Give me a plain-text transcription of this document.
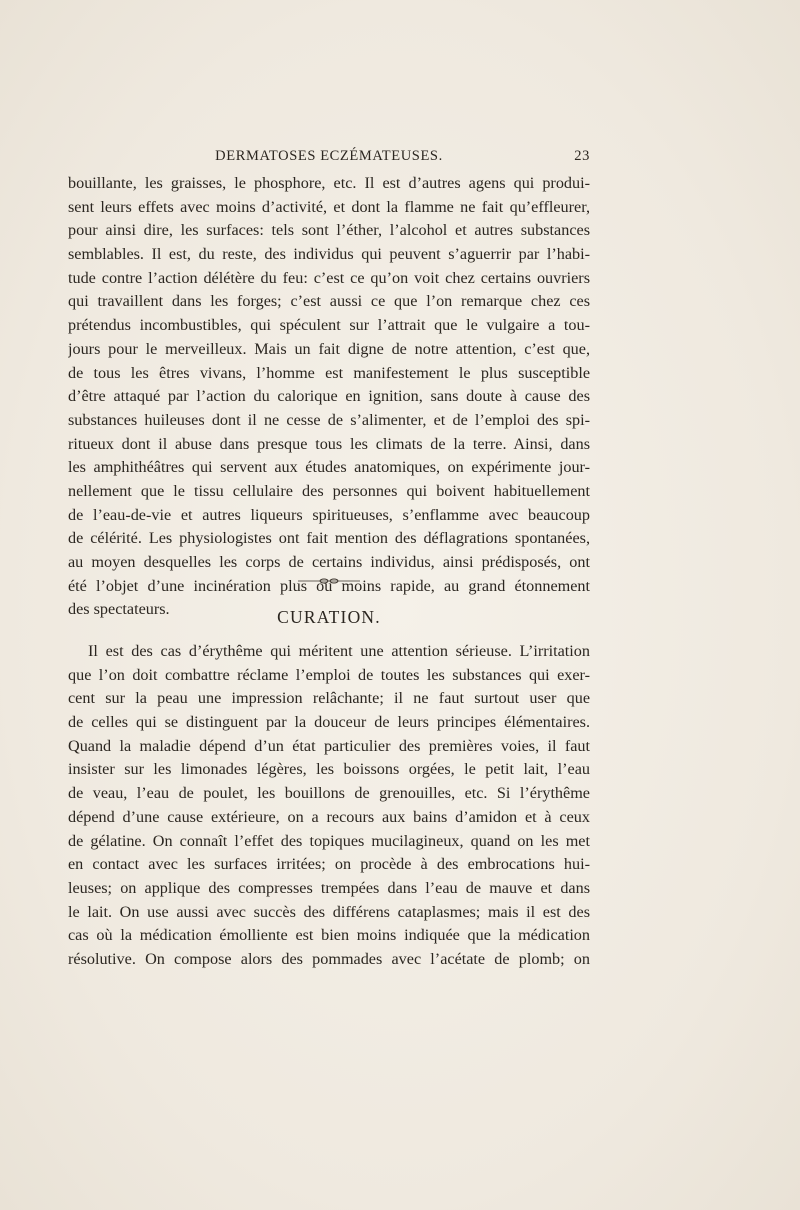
DERMATOSES ECZÉMATEUSES.	23
bouillante, les graisses, le phosphore, etc. Il est d’autres agens qui produi-
sent leurs effets avec moins d’activité, et dont la flamme ne fait qu’effleurer,
pour ainsi dire, les surfaces: tels sont l’éther, l’alcohol et autres substances
semblables. Il est, du reste, des individus qui peuvent s’aguerrir par l’habi-
tude contre l’action délétère du feu: c’est ce qu’on voit chez certains ouvriers
qui travaillent dans les forges; c’est aussi ce que l’on remarque chez ces
prétendus incombustibles, qui spéculent sur l’attrait que le vulgaire a tou-
jours pour le merveilleux. Mais un fait digne de notre attention, c’est que,
de tous les êtres vivans, l’homme est manifestement le plus susceptible
d’être attaqué par l’action du calorique en ignition, sans doute à cause des
substances huileuses dont il ne cesse de s’alimenter, et de l’emploi des spi-
ritueux dont il abuse dans presque tous les climats de la terre. Ainsi, dans
les amphithéâtres qui servent aux études anatomiques, on expérimente jour-
nellement que le tissu cellulaire des personnes qui boivent habituellement
de l’eau-de-vie et autres liqueurs spiritueuses, s’enflamme avec beaucoup
de célérité. Les physiologistes ont fait mention des déflagrations spontanées,
au moyen desquelles les corps de certains individus, ainsi prédisposés, ont
été l’objet d’une incinération plus ou moins rapide, au grand étonnement
des spectateurs.	CURATION.
Il est des cas d’érythême qui méritent une attention sérieuse. L’irritation
que l’on doit combattre réclame l’emploi de toutes les substances qui exer-
cent sur la peau une impression relâchante; il ne faut surtout user que
de celles qui se distinguent par la douceur de leurs principes élémentaires.
Quand la maladie dépend d’un état particulier des premières voies, il faut
insister sur les limonades légères, les boissons orgées, le petit lait, l’eau
de veau, l’eau de poulet, les bouillons de grenouilles, etc. Si l’érythême
dépend d’une cause extérieure, on a recours aux bains d’amidon et à ceux
de gélatine. On connaît l’effet des topiques mucilagineux, quand on les met
en contact avec les surfaces irritées; on procède à des embrocations hui-
leuses; on applique des compresses trempées dans l’eau de mauve et dans
le lait. On use aussi avec succès des différens cataplasmes; mais il est des
cas où la médication émolliente est bien moins indiquée que la médication
résolutive. On compose alors des pommades avec l’acétate de plomb; on
